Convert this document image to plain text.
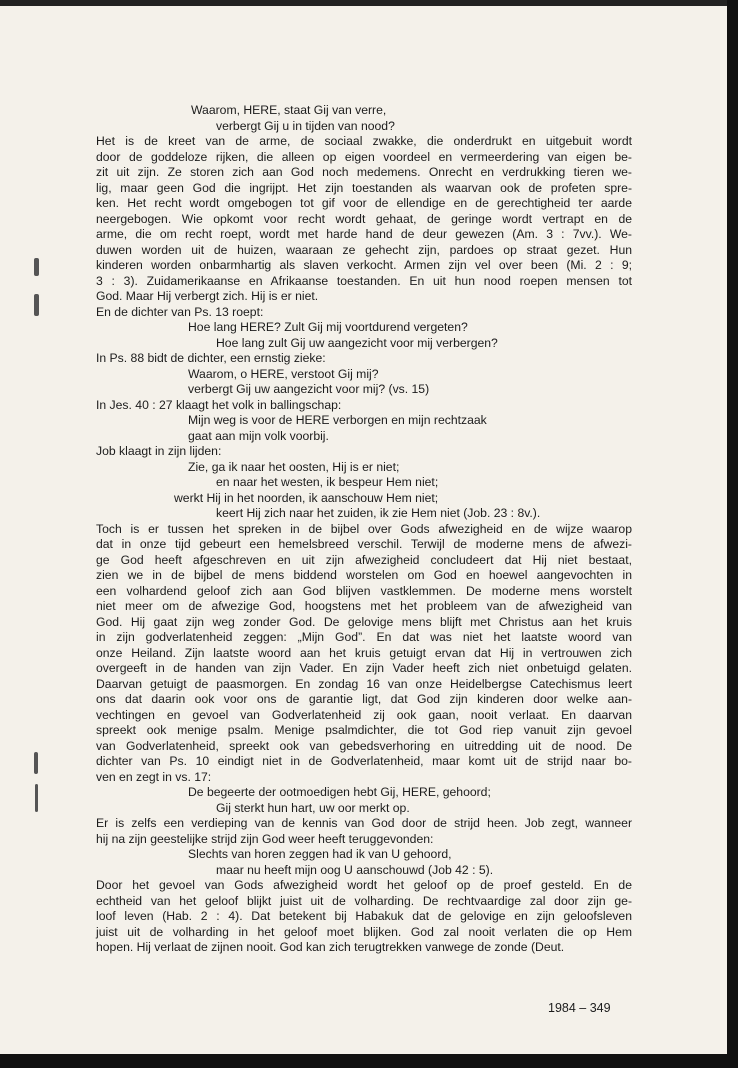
Waarom, HERE, staat Gij van verre,
verbergt Gij u in tijden van nood?
Het is de kreet van de arme, de sociaal zwakke, die onderdrukt en uitgebuit wordt
door de goddeloze rijken, die alleen op eigen voordeel en vermeerdering van eigen be-
zit uit zijn. Ze storen zich aan God noch medemens. Onrecht en verdrukking tieren we-
lig, maar geen God die ingrijpt. Het zijn toestanden als waarvan ook de profeten spre-
ken. Het recht wordt omgebogen tot gif voor de ellendige en de gerechtigheid ter aarde
neergebogen. Wie opkomt voor recht wordt gehaat, de geringe wordt vertrapt en de
arme, die om recht roept, wordt met harde hand de deur gewezen (Am. 3 : 7vv.). We-
duwen worden uit de huizen, waaraan ze gehecht zijn, pardoes op straat gezet. Hun
kinderen worden onbarmhartig als slaven verkocht. Armen zijn vel over been (Mi. 2 : 9;
3 : 3). Zuidamerikaanse en Afrikaanse toestanden. En uit hun nood roepen mensen tot
God. Maar Hij verbergt zich. Hij is er niet.
En de dichter van Ps. 13 roept:
Hoe lang HERE? Zult Gij mij voortdurend vergeten?
Hoe lang zult Gij uw aangezicht voor mij verbergen?
In Ps. 88 bidt de dichter, een ernstig zieke:
Waarom, o HERE, verstoot Gij mij?
verbergt Gij uw aangezicht voor mij? (vs. 15)
In Jes. 40 : 27 klaagt het volk in ballingschap:
Mijn weg is voor de HERE verborgen en mijn rechtzaak
gaat aan mijn volk voorbij.
Job klaagt in zijn lijden:
Zie, ga ik naar het oosten, Hij is er niet;
en naar het westen, ik bespeur Hem niet;
werkt Hij in het noorden, ik aanschouw Hem niet;
keert Hij zich naar het zuiden, ik zie Hem niet (Job. 23 : 8v.).
Toch is er tussen het spreken in de bijbel over Gods afwezigheid en de wijze waarop
dat in onze tijd gebeurt een hemelsbreed verschil. Terwijl de moderne mens de afwezi-
ge God heeft afgeschreven en uit zijn afwezigheid concludeert dat Hij niet bestaat,
zien we in de bijbel de mens biddend worstelen om God en hoewel aangevochten in
een volhardend geloof zich aan God blijven vastklemmen. De moderne mens worstelt
niet meer om de afwezige God, hoogstens met het probleem van de afwezigheid van
God. Hij gaat zijn weg zonder God. De gelovige mens blijft met Christus aan het kruis
in zijn godverlatenheid zeggen: „Mijn God”. En dat was niet het laatste woord van
onze Heiland. Zijn laatste woord aan het kruis getuigt ervan dat Hij in vertrouwen zich
overgeeft in de handen van zijn Vader. En zijn Vader heeft zich niet onbetuigd gelaten.
Daarvan getuigt de paasmorgen. En zondag 16 van onze Heidelbergse Catechismus leert
ons dat daarin ook voor ons de garantie ligt, dat God zijn kinderen door welke aan-
vechtingen en gevoel van Godverlatenheid zij ook gaan, nooit verlaat. En daarvan
spreekt ook menige psalm. Menige psalmdichter, die tot God riep vanuit zijn gevoel
van Godverlatenheid, spreekt ook van gebedsverhoring en uitredding uit de nood. De
dichter van Ps. 10 eindigt niet in de Godverlatenheid, maar komt uit de strijd naar bo-
ven en zegt in vs. 17:
De begeerte der ootmoedigen hebt Gij, HERE, gehoord;
Gij sterkt hun hart, uw oor merkt op.
Er is zelfs een verdieping van de kennis van God door de strijd heen. Job zegt, wanneer
hij na zijn geestelijke strijd zijn God weer heeft teruggevonden:
Slechts van horen zeggen had ik van U gehoord,
maar nu heeft mijn oog U aanschouwd (Job 42 : 5).
Door het gevoel van Gods afwezigheid wordt het geloof op de proef gesteld. En de
echtheid van het geloof blijkt juist uit de volharding. De rechtvaardige zal door zijn ge-
loof leven (Hab. 2 : 4). Dat betekent bij Habakuk dat de gelovige en zijn geloofsleven
juist uit de volharding in het geloof moet blijken. God zal nooit verlaten die op Hem
hopen. Hij verlaat de zijnen nooit. God kan zich terugtrekken vanwege de zonde (Deut.
1984 – 349
